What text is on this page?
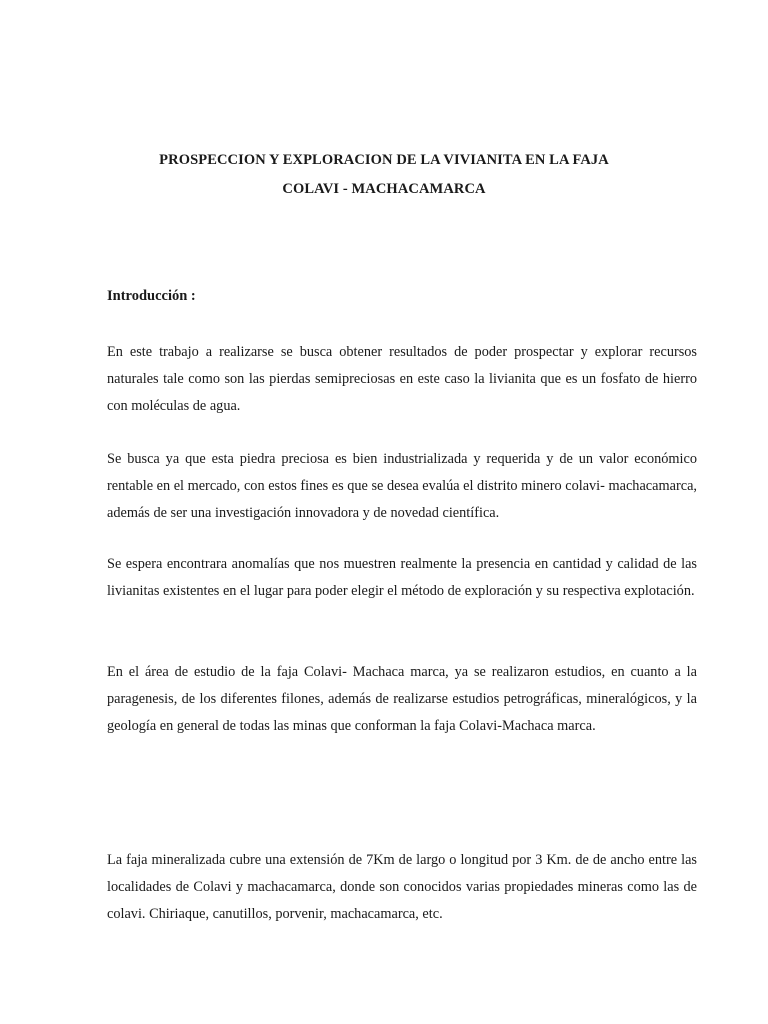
PROSPECCION Y EXPLORACION DE LA VIVIANITA EN LA FAJA
COLAVI - MACHACAMARCA
Introducción :

En este trabajo a realizarse se busca obtener resultados de poder prospectar y explorar recursos naturales tale como son las pierdas semipreciosas en este caso la livianita que es un fosfato de hierro con moléculas de agua.

Se busca ya que esta piedra preciosa es bien industrializada y requerida y de un valor económico rentable en el mercado, con estos fines es que se desea evalúa el distrito minero colavi- machacamarca, además de ser una investigación innovadora y de novedad científica.

Se espera encontrara anomalías que nos muestren realmente la presencia en cantidad y calidad de las livianitas existentes en el lugar para poder elegir el método de exploración y su respectiva explotación.

En el área de estudio de la faja Colavi- Machaca marca, ya se realizaron estudios, en cuanto a la paragenesis, de los diferentes filones, además de realizarse estudios petrográficas, mineralógicos, y la geología en general de todas las minas que conforman la faja Colavi-Machaca marca.

La faja mineralizada cubre una extensión de 7Km de largo o longitud por 3 Km. de de ancho entre las localidades de Colavi y machacamarca, donde son conocidos varias propiedades mineras como las de colavi. Chiriaque, canutillos, porvenir, machacamarca, etc.
